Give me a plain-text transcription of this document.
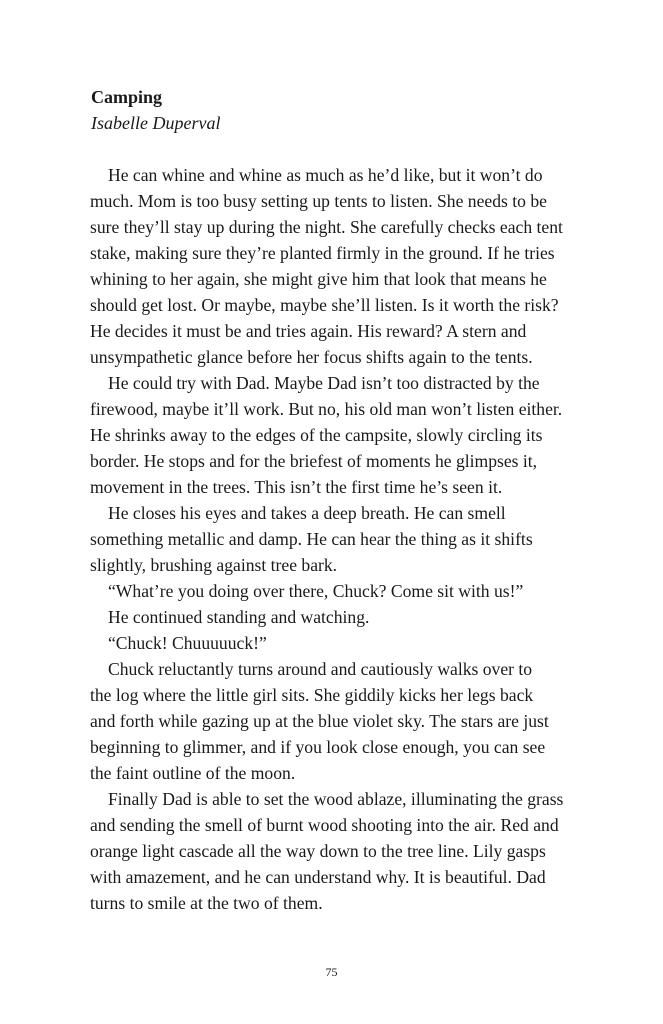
Camping
Isabelle Duperval
He can whine and whine as much as he’d like, but it won’t do
much. Mom is too busy setting up tents to listen. She needs to be
sure they’ll stay up during the night. She carefully checks each tent
stake, making sure they’re planted firmly in the ground. If he tries
whining to her again, she might give him that look that means he
should get lost. Or maybe, maybe she’ll listen. Is it worth the risk?
He decides it must be and tries again. His reward? A stern and
unsympathetic glance before her focus shifts again to the tents.
He could try with Dad. Maybe Dad isn’t too distracted by the
firewood, maybe it’ll work. But no, his old man won’t listen either.
He shrinks away to the edges of the campsite, slowly circling its
border. He stops and for the briefest of moments he glimpses it,
movement in the trees. This isn’t the first time he’s seen it.
He closes his eyes and takes a deep breath. He can smell
something metallic and damp. He can hear the thing as it shifts
slightly, brushing against tree bark.
“What’re you doing over there, Chuck? Come sit with us!”
He continued standing and watching.
“Chuck! Chuuuuuck!”
Chuck reluctantly turns around and cautiously walks over to
the log where the little girl sits. She giddily kicks her legs back
and forth while gazing up at the blue violet sky. The stars are just
beginning to glimmer, and if you look close enough, you can see
the faint outline of the moon.
Finally Dad is able to set the wood ablaze, illuminating the grass
and sending the smell of burnt wood shooting into the air. Red and
orange light cascade all the way down to the tree line. Lily gasps
with amazement, and he can understand why. It is beautiful. Dad
turns to smile at the two of them.
75
